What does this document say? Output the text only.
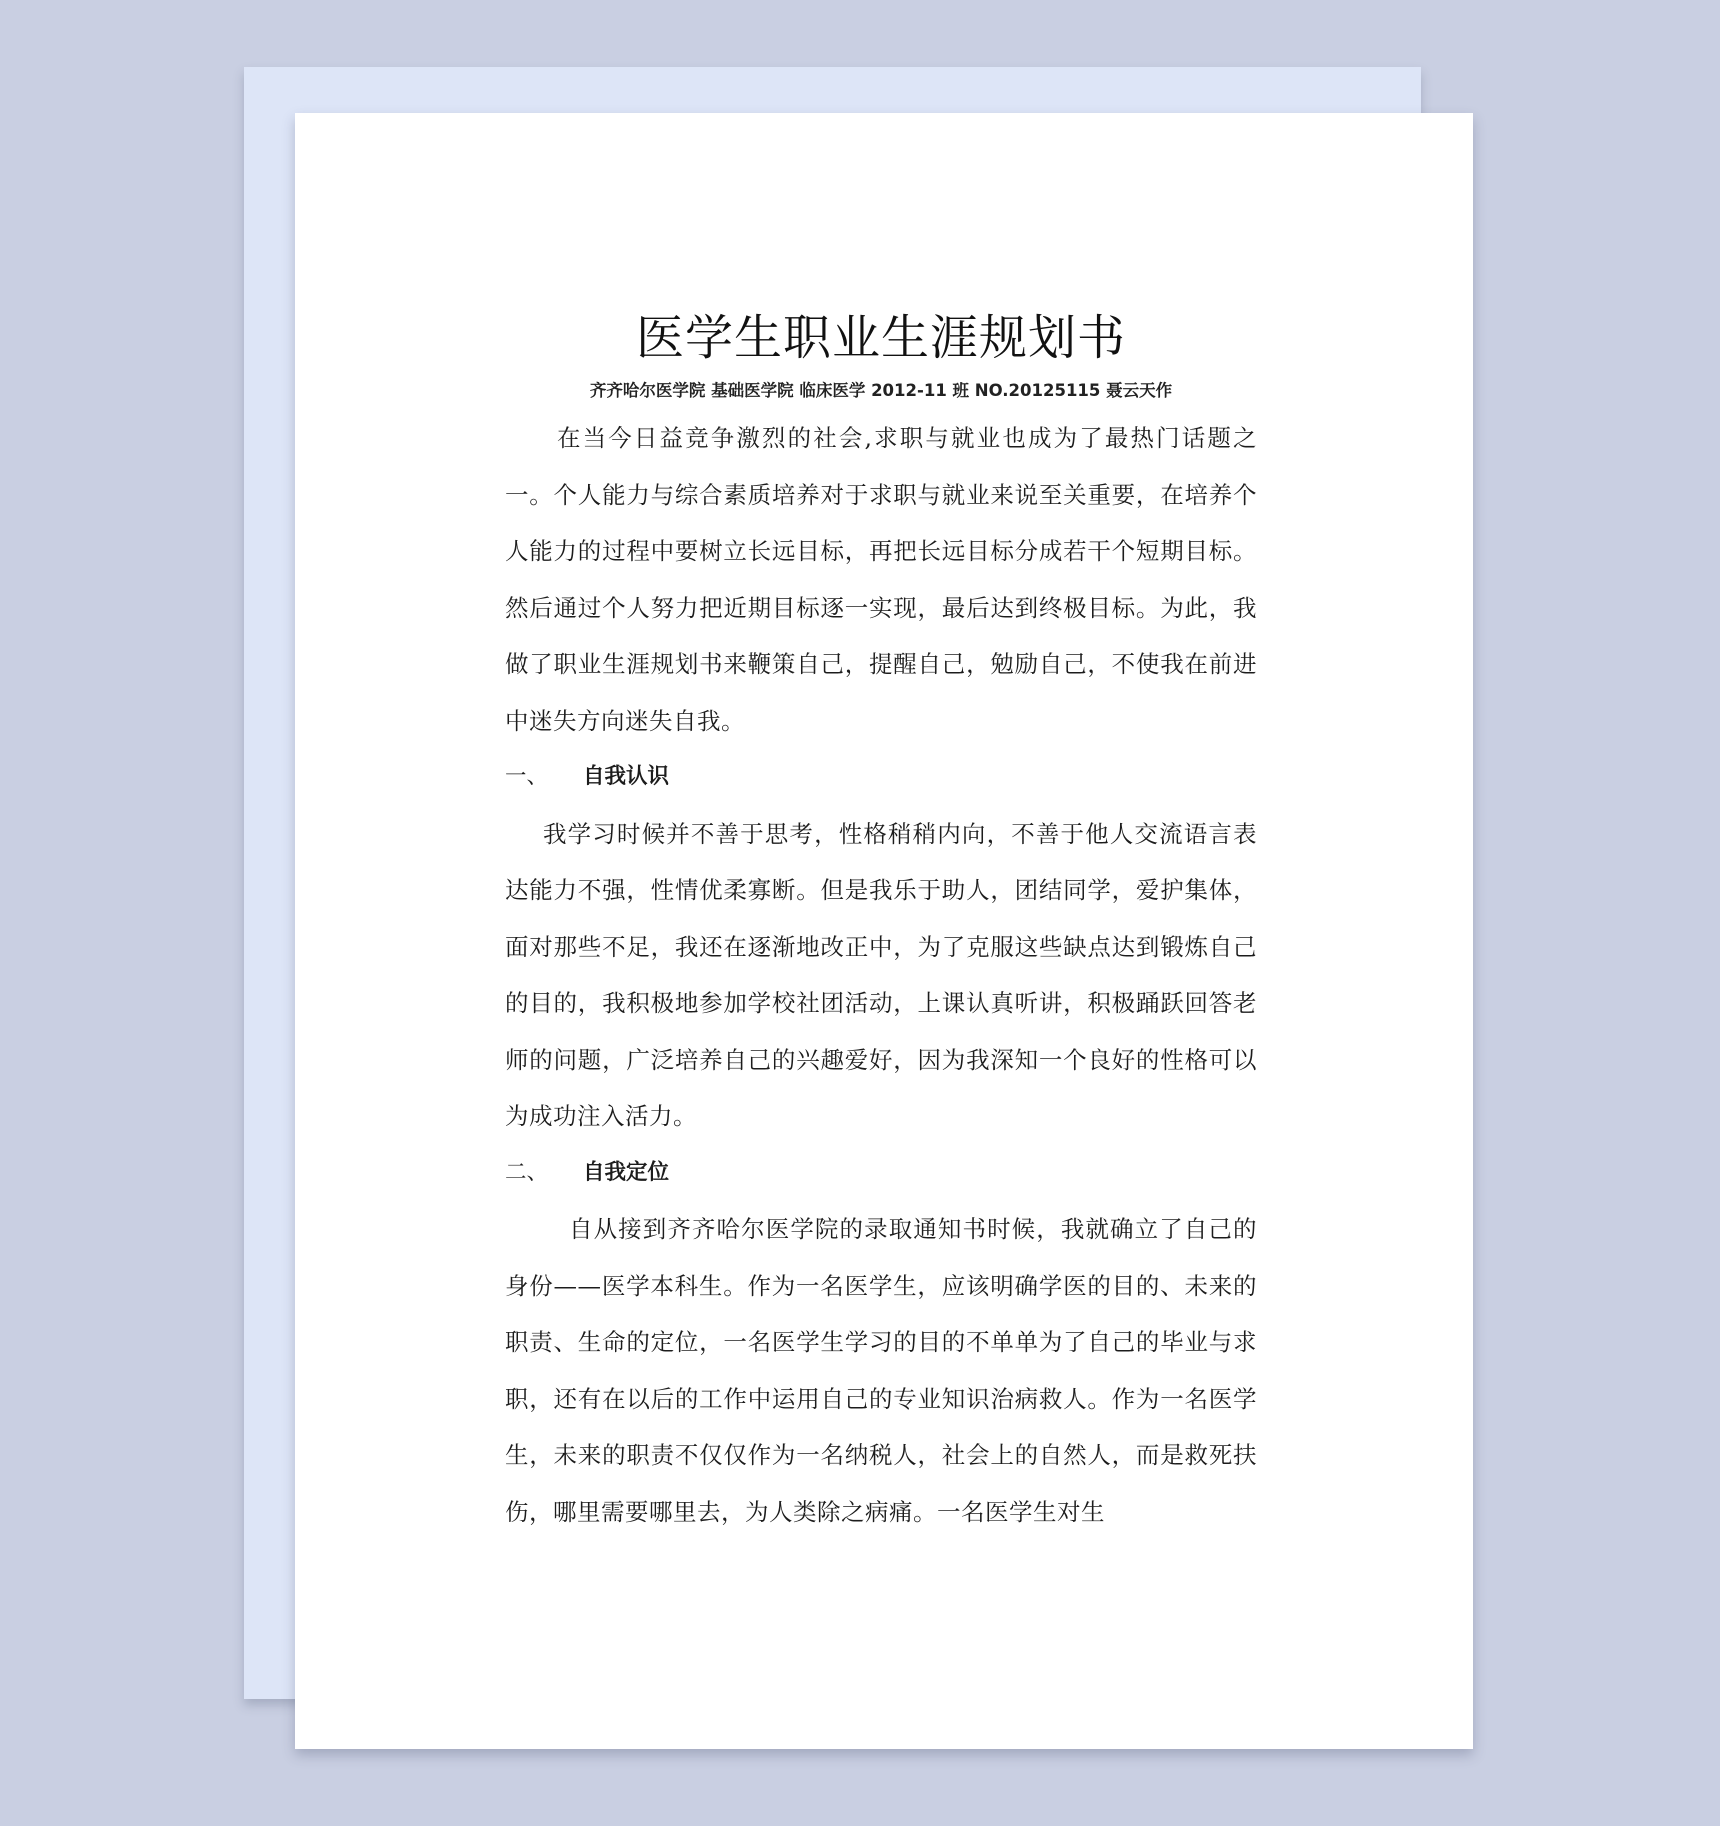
医学生职业生涯规划书

齐齐哈尔医学院 基础医学院 临床医学 2012-11 班 NO.20125115 聂云天作

在当今日益竞争激烈的社会,求职与就业也成为了最热门话题之一。个人能力与综合素质培养对于求职与就业来说至关重要，在培养个人能力的过程中要树立长远目标，再把长远目标分成若干个短期目标。然后通过个人努力把近期目标逐一实现，最后达到终极目标。为此，我做了职业生涯规划书来鞭策自己，提醒自己，勉励自己，不使我在前进中迷失方向迷失自我。

一、	自我认识

我学习时候并不善于思考，性格稍稍内向，不善于他人交流语言表达能力不强，性情优柔寡断。但是我乐于助人，团结同学，爱护集体，面对那些不足，我还在逐渐地改正中，为了克服这些缺点达到锻炼自己的目的，我积极地参加学校社团活动，上课认真听讲，积极踊跃回答老师的问题，广泛培养自己的兴趣爱好，因为我深知一个良好的性格可以为成功注入活力。

二、	自我定位

自从接到齐齐哈尔医学院的录取通知书时候，我就确立了自己的身份——医学本科生。作为一名医学生，应该明确学医的目的、未来的职责、生命的定位，一名医学生学习的目的不单单为了自己的毕业与求职，还有在以后的工作中运用自己的专业知识治病救人。作为一名医学生，未来的职责不仅仅作为一名纳税人，社会上的自然人，而是救死扶伤，哪里需要哪里去，为人类除之病痛。一名医学生对生
